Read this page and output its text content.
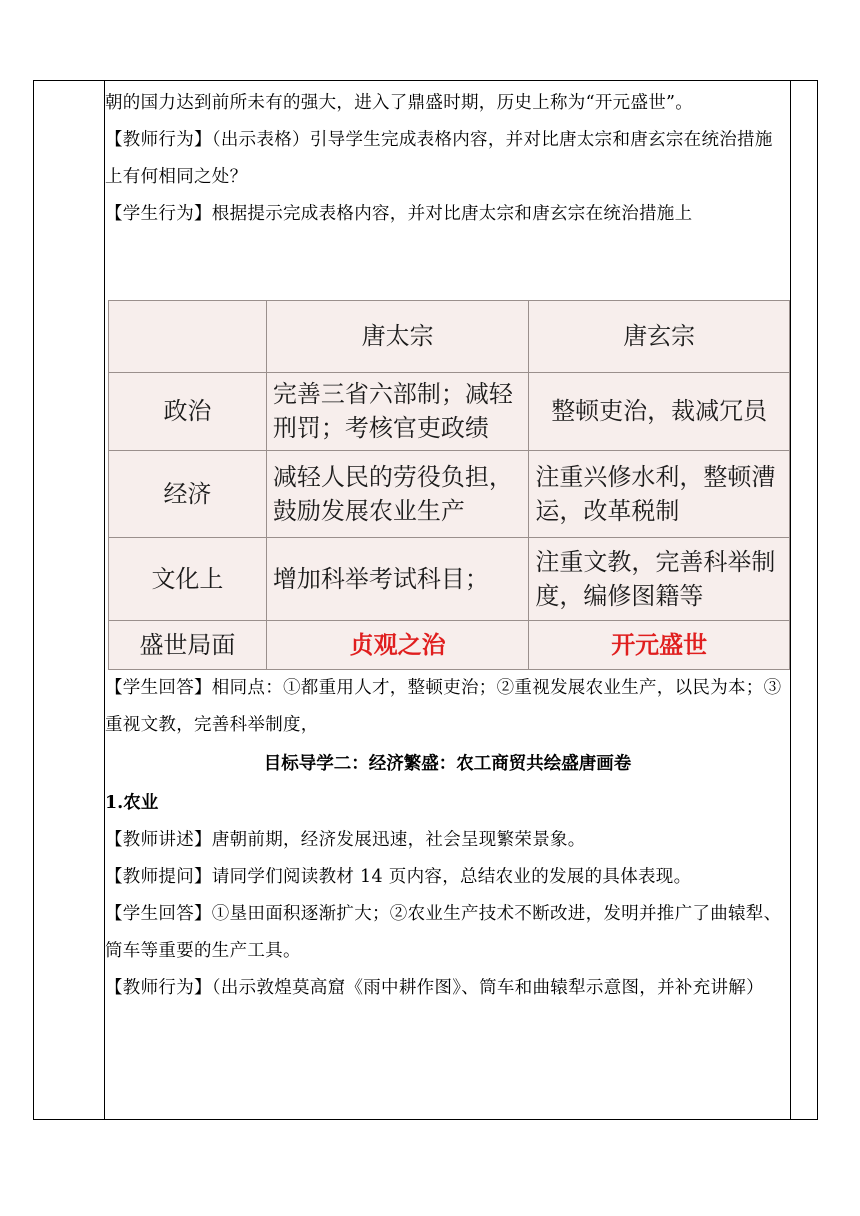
朝的国力达到前所未有的强大，进入了鼎盛时期，历史上称为“开元盛世”。

【教师行为】（出示表格）引导学生完成表格内容，并对比唐太宗和唐玄宗在统治措施上有何相同之处？

【学生行为】根据提示完成表格内容，并对比唐太宗和唐玄宗在统治措施上

	唐太宗	唐玄宗
政治	完善三省六部制；减轻刑罚；考核官吏政绩	整顿吏治，裁减冗员
经济	减轻人民的劳役负担，鼓励发展农业生产	注重兴修水利，整顿漕运，改革税制
文化上	增加科举考试科目；	注重文教，完善科举制度，编修图籍等
盛世局面	贞观之治	开元盛世

【学生回答】相同点：①都重用人才，整顿吏治；②重视发展农业生产，以民为本；③重视文教，完善科举制度，

目标导学二：经济繁盛：农工商贸共绘盛唐画卷
1.农业

【教师讲述】唐朝前期，经济发展迅速，社会呈现繁荣景象。

【教师提问】请同学们阅读教材 14 页内容，总结农业的发展的具体表现。

【学生回答】①垦田面积逐渐扩大；②农业生产技术不断改进，发明并推广了曲辕犁、筒车等重要的生产工具。

【教师行为】（出示敦煌莫高窟《雨中耕作图》、筒车和曲辕犁示意图，并补充讲解）
